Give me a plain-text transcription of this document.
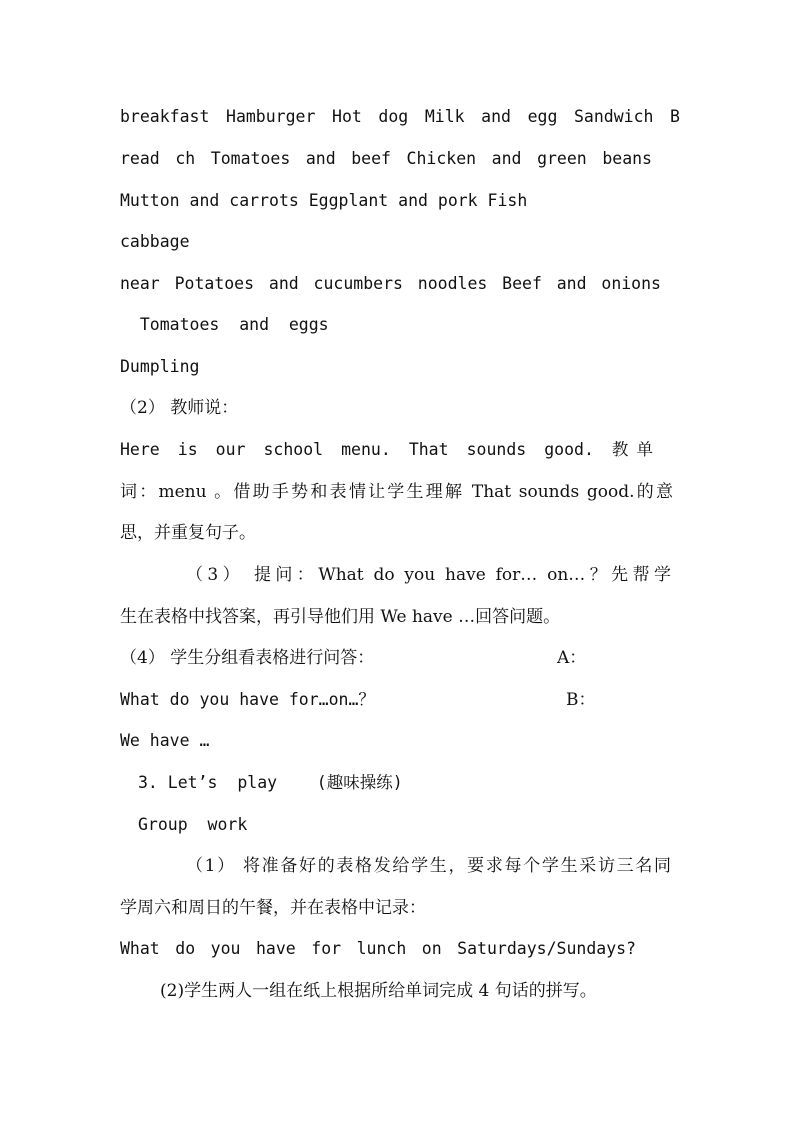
breakfast Hamburger Hot dog Milk and egg Sandwich B
read ch Tomatoes and beef Chicken and green beans
Mutton and carrots Eggplant and pork Fish
cabbage
near Potatoes and cucumbers noodles Beef and onions
Tomatoes  and  eggs
Dumpling
（2） 教师说：
Here is our school menu. That sounds good. 教单
词：menu 。借助手势和表情让学生理解 That sounds good.的意
思，并重复句子。
（3） 提问：What do you have for… on…？先帮学
生在表格中找答案，再引导他们用 We have …回答问题。
（4） 学生分组看表格进行问答：	A：
What do you have for…on…？	B：
We have …
3. Let’s  play    (趣味操练)
Group  work
（1） 将准备好的表格发给学生，要求每个学生采访三名同
学周六和周日的午餐，并在表格中记录：
What do you have for lunch on Saturdays/Sundays?
(2)学生两人一组在纸上根据所给单词完成 4 句话的拼写。
